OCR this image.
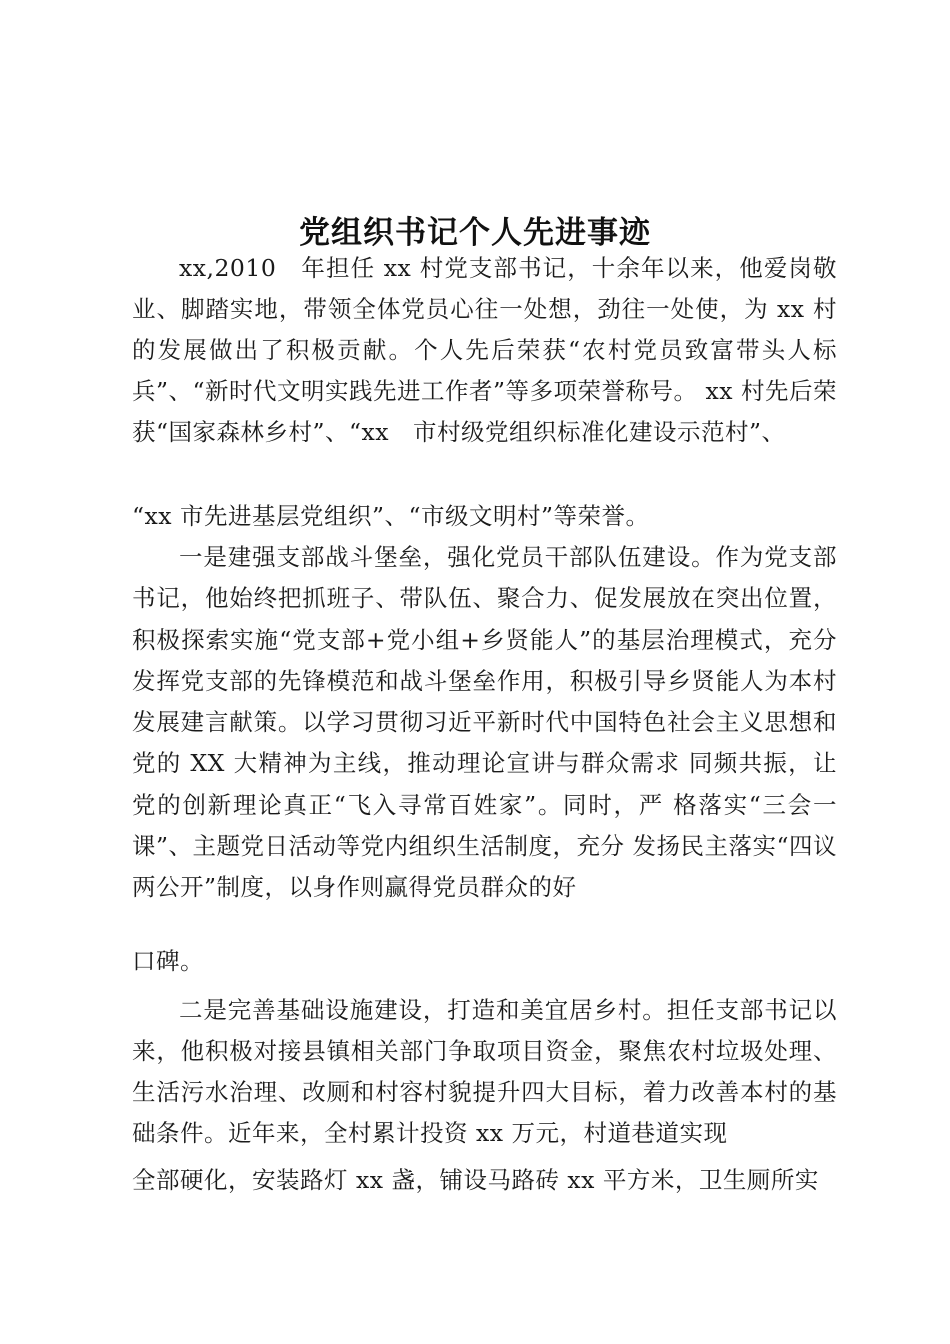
党组织书记个人先进事迹

xx,2010　年担任 xx 村党支部书记，十余年以来，他爱岗敬业、脚踏实地，带领全体党员心往一处想，劲往一处使，为 xx 村的发展做出了积极贡献。个人先后荣获“农村党员致富带头人标兵”、“新时代文明实践先进工作者”等多项荣誉称号。 xx 村先后荣获“国家森林乡村”、“xx　市村级党组织标准化建设示范村”、

“xx 市先进基层党组织”、“市级文明村”等荣誉。

一是建强支部战斗堡垒，强化党员干部队伍建设。作为党支部书记，他始终把抓班子、带队伍、聚合力、促发展放在突出位置，积极探索实施“党支部+党小组+乡贤能人”的基层治理模式，充分发挥党支部的先锋模范和战斗堡垒作用，积极引导乡贤能人为本村发展建言献策。以学习贯彻习近平新时代中国特色社会主义思想和党的 XX 大精神为主线，推动理论宣讲与群众需求 同频共振，让党的创新理论真正“飞入寻常百姓家”。同时，严 格落实“三会一课”、主题党日活动等党内组织生活制度，充分 发扬民主落实“四议两公开”制度，以身作则赢得党员群众的好

口碑。

二是完善基础设施建设，打造和美宜居乡村。担任支部书记以来，他积极对接县镇相关部门争取项目资金，聚焦农村垃圾处理、生活污水治理、改厕和村容村貌提升四大目标，着力改善本村的基础条件。近年来，全村累计投资 xx 万元，村道巷道实现

全部硬化，安装路灯 xx 盏，铺设马路砖 xx 平方米，卫生厕所实
